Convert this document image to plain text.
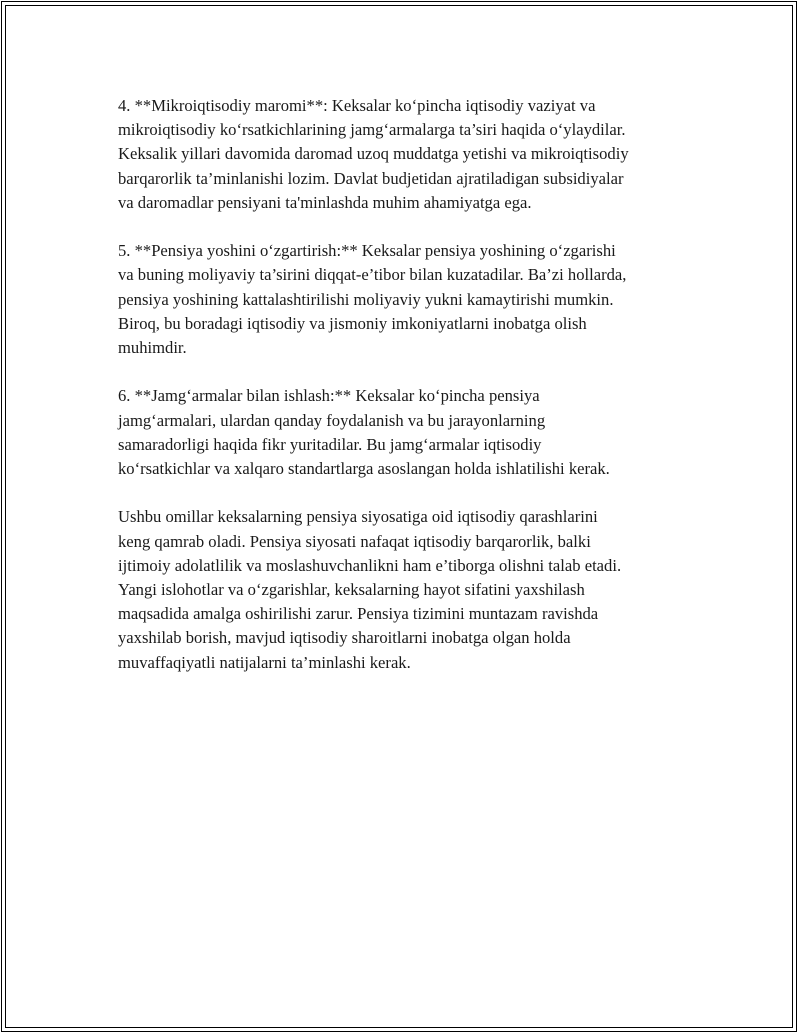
4. **Mikroiqtisodiy maromi**: Keksalar ko‘pincha iqtisodiy vaziyat va
mikroiqtisodiy ko‘rsatkichlarining jamg‘armalarga ta’siri haqida o‘ylaydilar.
Keksalik yillari davomida daromad uzoq muddatga yetishi va mikroiqtisodiy
barqarorlik ta’minlanishi lozim. Davlat budjetidan ajratiladigan subsidiyalar
va daromadlar pensiyani ta'minlashda muhim ahamiyatga ega.

5. **Pensiya yoshini o‘zgartirish:** Keksalar pensiya yoshining o‘zgarishi
va buning moliyaviy ta’sirini diqqat-e’tibor bilan kuzatadilar. Ba’zi hollarda,
pensiya yoshining kattalashtirilishi moliyaviy yukni kamaytirishi mumkin.
Biroq, bu boradagi iqtisodiy va jismoniy imkoniyatlarni inobatga olish
muhimdir.

6. **Jamg‘armalar bilan ishlash:** Keksalar ko‘pincha pensiya
jamg‘armalari, ulardan qanday foydalanish va bu jarayonlarning
samaradorligi haqida fikr yuritadilar. Bu jamg‘armalar iqtisodiy
ko‘rsatkichlar va xalqaro standartlarga asoslangan holda ishlatilishi kerak.

Ushbu omillar keksalarning pensiya siyosatiga oid iqtisodiy qarashlarini
keng qamrab oladi. Pensiya siyosati nafaqat iqtisodiy barqarorlik, balki
ijtimoiy adolatlilik va moslashuvchanlikni ham e’tiborga olishni talab etadi.
Yangi islohotlar va o‘zgarishlar, keksalarning hayot sifatini yaxshilash
maqsadida amalga oshirilishi zarur. Pensiya tizimini muntazam ravishda
yaxshilab borish, mavjud iqtisodiy sharoitlarni inobatga olgan holda
muvaffaqiyatli natijalarni ta’minlashi kerak.
